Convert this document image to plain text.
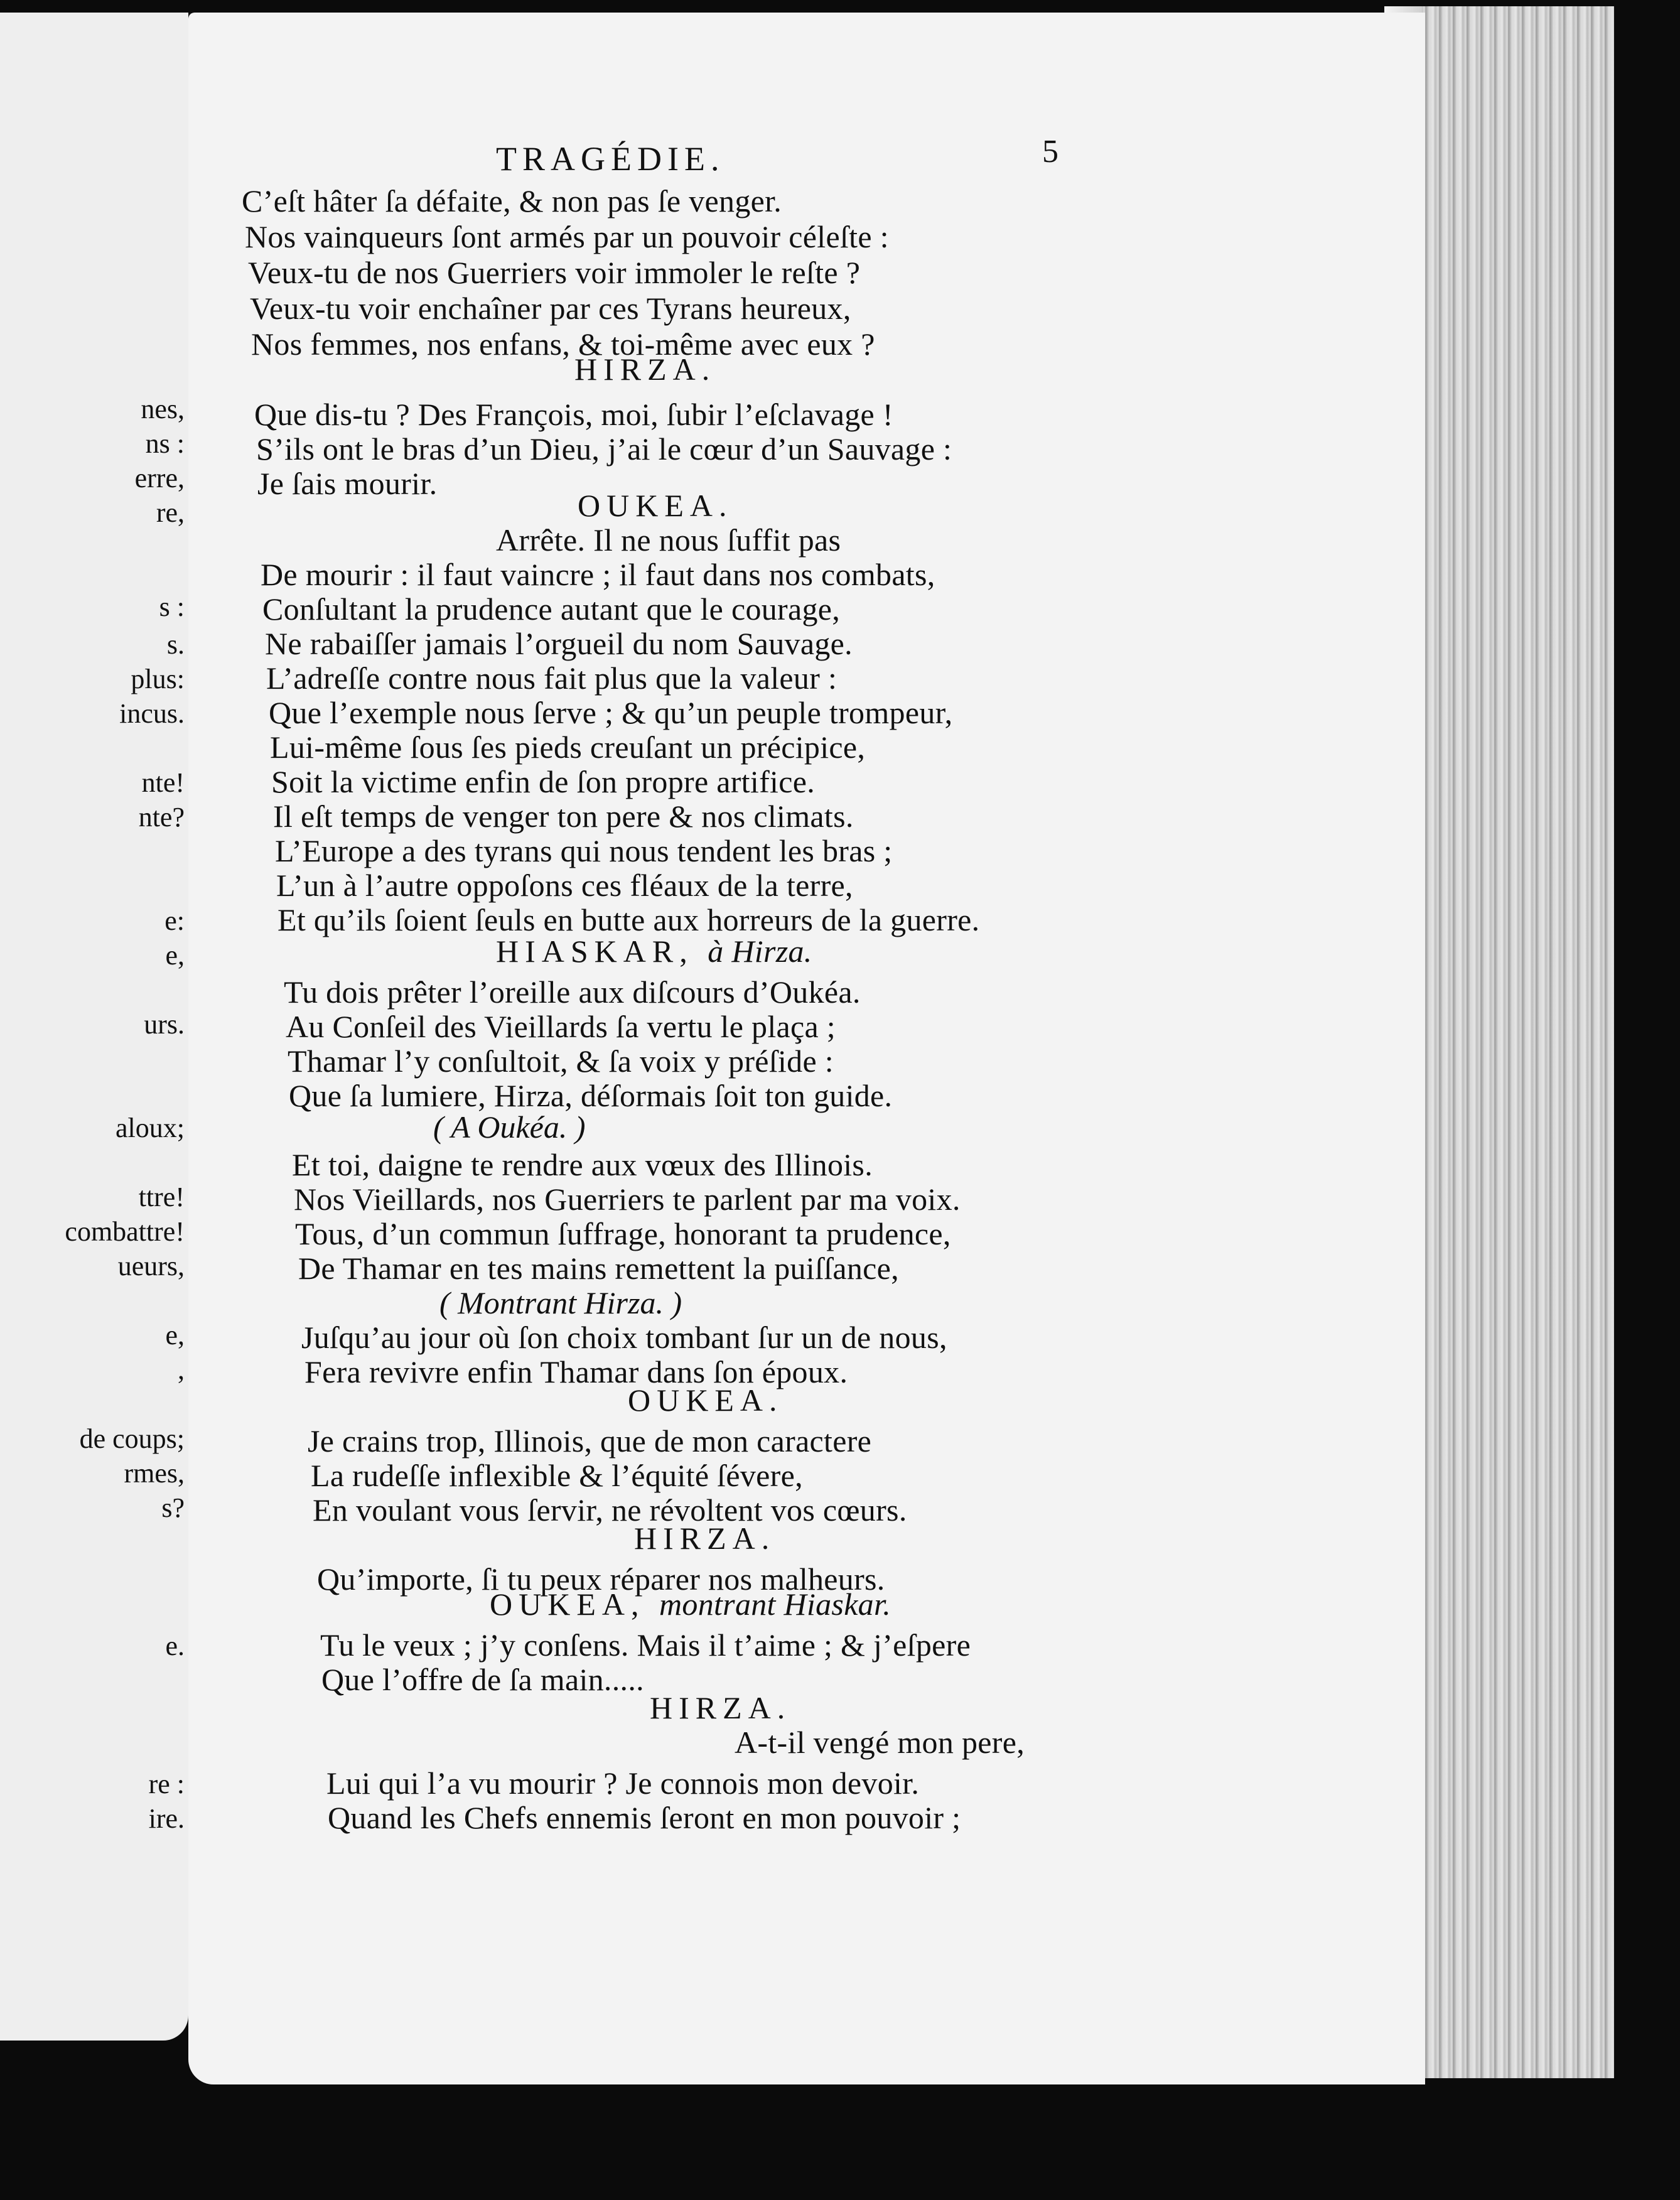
nes,
ns :
erre,
re,
s :
s.
plus:
incus.
nte!
nte?
e:
e,
urs.
aloux;
ttre!
combattre!
ueurs,
e,
,
de coups;
rmes,
s?
e.
re :
ire.
TRAGÉDIE.	5
C’eſt hâter ſa défaite, & non pas ſe venger.
Nos vainqueurs ſont armés par un pouvoir céleſte :
Veux-tu de nos Guerriers voir immoler le reſte ?
Veux-tu voir enchaîner par ces Tyrans heureux,
Nos femmes, nos enfans, & toi-même avec eux ?
HIRZA.
Que dis-tu ? Des François, moi, ſubir l’eſclavage !
S’ils ont le bras d’un Dieu, j’ai le cœur d’un Sauvage :
Je ſais mourir.
OUKEA.
Arrête. Il ne nous ſuffit pas
De mourir : il faut vaincre ; il faut dans nos combats,
Conſultant la prudence autant que le courage,
Ne rabaiſſer jamais l’orgueil du nom Sauvage.
L’adreſſe contre nous fait plus que la valeur :
Que l’exemple nous ſerve ; & qu’un peuple trompeur,
Lui-même ſous ſes pieds creuſant un précipice,
Soit la victime enfin de ſon propre artifice.
Il eſt temps de venger ton pere & nos climats.
L’Europe a des tyrans qui nous tendent les bras ;
L’un à l’autre oppoſons ces fléaux de la terre,
Et qu’ils ſoient ſeuls en butte aux horreurs de la guerre.
HIASKAR, à Hirza.
Tu dois prêter l’oreille aux diſcours d’Oukéa.
Au Conſeil des Vieillards ſa vertu le plaça ;
Thamar l’y conſultoit, & ſa voix y préſide :
Que ſa lumiere, Hirza, déſormais ſoit ton guide.
( A Oukéa. )
Et toi, daigne te rendre aux vœux des Illinois.
Nos Vieillards, nos Guerriers te parlent par ma voix.
Tous, d’un commun ſuffrage, honorant ta prudence,
De Thamar en tes mains remettent la puiſſance,
( Montrant Hirza. )
Juſqu’au jour où ſon choix tombant ſur un de nous,
Fera revivre enfin Thamar dans ſon époux.
OUKEA.
Je crains trop, Illinois, que de mon caractere
La rudeſſe inflexible & l’équité ſévere,
En voulant vous ſervir, ne révoltent vos cœurs.
HIRZA.
Qu’importe, ſi tu peux réparer nos malheurs.
OUKEA, montrant Hiaskar.
Tu le veux ; j’y conſens. Mais il t’aime ; & j’eſpere
Que l’offre de ſa main.....
HIRZA.
A-t-il vengé mon pere,
Lui qui l’a vu mourir ? Je connois mon devoir.
Quand les Chefs ennemis ſeront en mon pouvoir ;
